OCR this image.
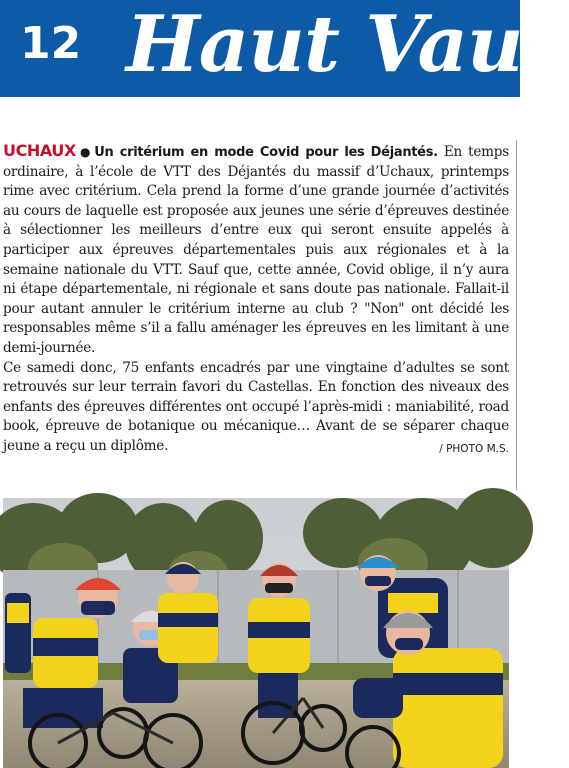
12 Haut Vauc

UCHAUX ● Un critérium en mode Covid pour les Déjantés. En temps ordinaire, à l’école de VTT des Déjantés du massif d’Uchaux, printemps rime avec critérium. Cela prend la forme d’une grande journée d’activités au cours de laquelle est proposée aux jeunes une série d’épreuves destinée à sélectionner les meilleurs d’entre eux qui seront ensuite appelés à participer aux épreuves départementales puis aux régionales et à la semaine nationale du VTT. Sauf que, cette année, Covid oblige, il n’y aura ni étape départementale, ni régionale et sans doute pas nationale. Fallait-il pour autant annuler le critérium interne au club ? "Non" ont décidé les responsables même s’il a fallu aménager les épreuves en les limitant à une demi-journée.

Ce samedi donc, 75 enfants encadrés par une vingtaine d’adultes se sont retrouvés sur leur terrain favori du Castellas. En fonction des niveaux des enfants des épreuves différentes ont occupé l’après-midi : maniabilité, road book, épreuve de botanique ou mécanique… Avant de se séparer chaque jeune a reçu un diplôme.	/ PHOTO M.S.
